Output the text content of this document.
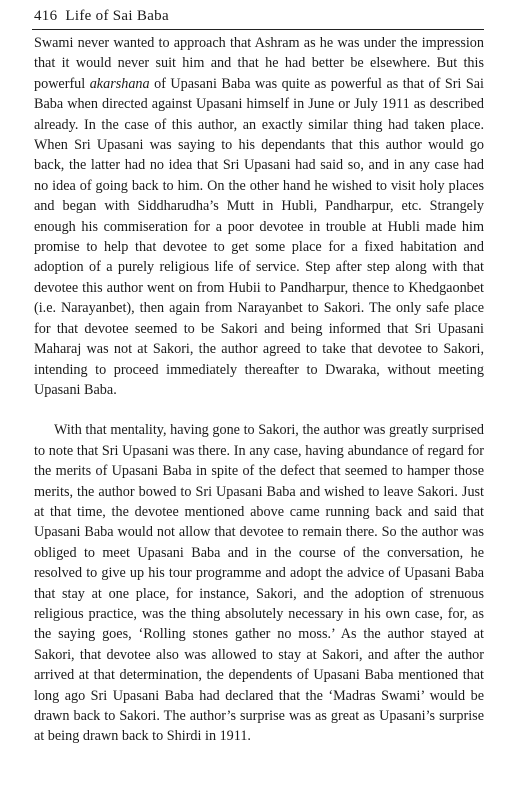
416 Life of Sai Baba

Swami never wanted to approach that Ashram as he was under the impression that it would never suit him and that he had better be elsewhere. But this powerful akarshana of Upasani Baba was quite as powerful as that of Sri Sai Baba when directed against Upasani himself in June or July 1911 as described already. In the case of this author, an exactly similar thing had taken place. When Sri Upasani was saying to his dependants that this author would go back, the latter had no idea that Sri Upasani had said so, and in any case had no idea of going back to him. On the other hand he wished to visit holy places and began with Siddharudha’s Mutt in Hubli, Pandharpur, etc. Strangely enough his commiseration for a poor devotee in trouble at Hubli made him promise to help that devotee to get some place for a fixed habitation and adoption of a purely religious life of service. Step after step along with that devotee this author went on from Hubii to Pandharpur, thence to Khedgaonbet (i.e. Narayanbet), then again from Narayanbet to Sakori. The only safe place for that devotee seemed to be Sakori and being informed that Sri Upasani Maharaj was not at Sakori, the author agreed to take that devotee to Sakori, intending to proceed immediately thereafter to Dwaraka, without meeting Upasani Baba.

With that mentality, having gone to Sakori, the author was greatly surprised to note that Sri Upasani was there. In any case, having abundance of regard for the merits of Upasani Baba in spite of the defect that seemed to hamper those merits, the author bowed to Sri Upasani Baba and wished to leave Sakori. Just at that time, the devotee mentioned above came running back and said that Upasani Baba would not allow that devotee to remain there. So the author was obliged to meet Upasani Baba and in the course of the conversation, he resolved to give up his tour programme and adopt the advice of Upasani Baba that stay at one place, for instance, Sakori, and the adoption of strenuous religious practice, was the thing absolutely necessary in his own case, for, as the saying goes, ‘Rolling stones gather no moss.’ As the author stayed at Sakori, that devotee also was allowed to stay at Sakori, and after the author arrived at that determination, the dependents of Upasani Baba mentioned that long ago Sri Upasani Baba had declared that the ‘Madras Swami’ would be drawn back to Sakori. The author’s surprise was as great as Upasani’s surprise at being drawn back to Shirdi in 1911.
